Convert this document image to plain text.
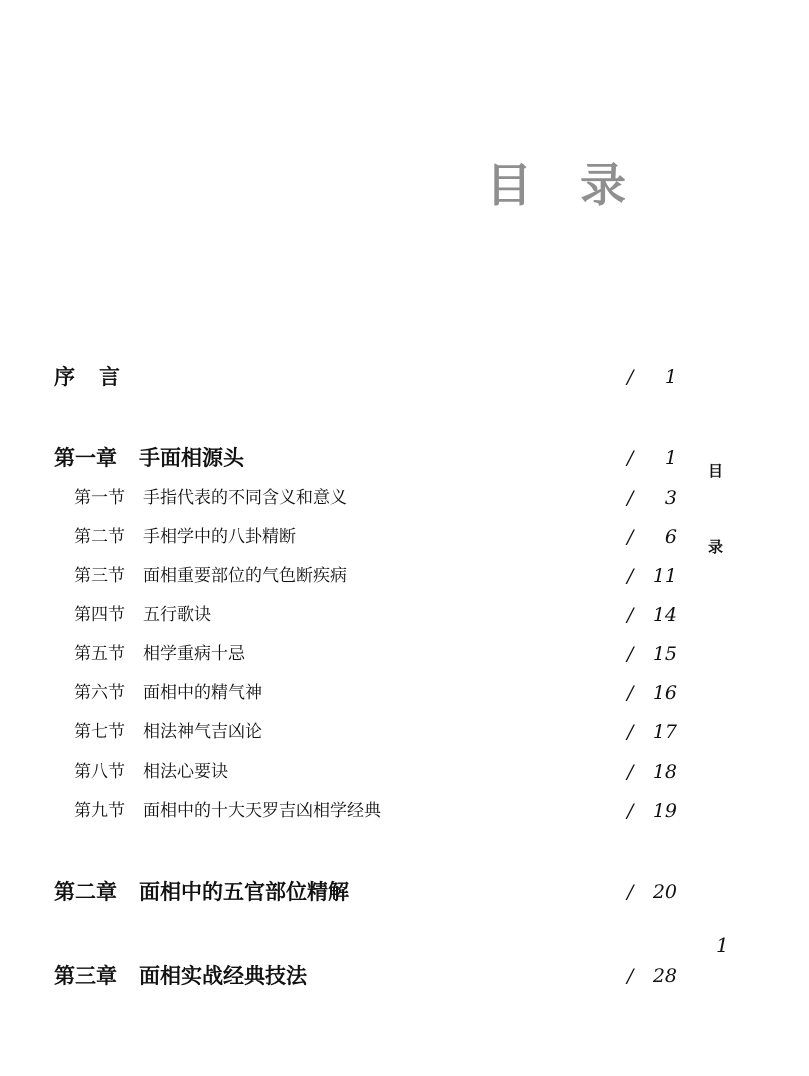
目录
序言	/	1
第一章 手面相源头	/	1
第一节 手指代表的不同含义和意义	/	3
第二节 手相学中的八卦精断	/	6
第三节 面相重要部位的气色断疾病	/	11
第四节 五行歌诀	/	14
第五节 相学重病十忌	/	15
第六节 面相中的精气神	/	16
第七节 相法神气吉凶论	/	17
第八节 相法心要诀	/	18
第九节 面相中的十大天罗吉凶相学经典	/	19
第二章 面相中的五官部位精解	/	20
第三章 面相实战经典技法	/	28
目
录
1
